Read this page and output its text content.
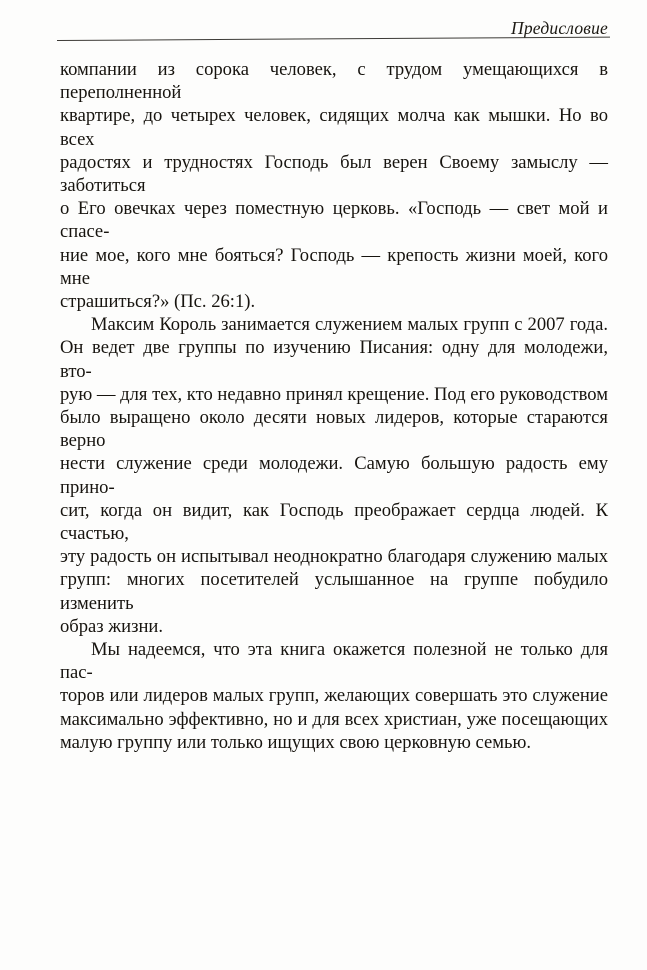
Предисловие

компании из сорока человек, с трудом умещающихся в переполненной
квартире, до четырех человек, сидящих молча как мышки. Но во всех
радостях и трудностях Господь был верен Своему замыслу — заботиться
о Его овечках через поместную церковь. «Господь — свет мой и спасе-
ние мое, кого мне бояться? Господь — крепость жизни моей, кого мне
страшиться?» (Пс. 26:1).

Максим Король занимается служением малых групп с 2007 года.
Он ведет две группы по изучению Писания: одну для молодежи, вто-
рую — для тех, кто недавно принял крещение. Под его руководством
было выращено около десяти новых лидеров, которые стараются верно
нести служение среди молодежи. Самую большую радость ему прино-
сит, когда он видит, как Господь преображает сердца людей. К счастью,
эту радость он испытывал неоднократно благодаря служению малых
групп: многих посетителей услышанное на группе побудило изменить
образ жизни.

Мы надеемся, что эта книга окажется полезной не только для пас-
торов или лидеров малых групп, желающих совершать это служение
максимально эффективно, но и для всех христиан, уже посещающих
малую группу или только ищущих свою церковную семью.
